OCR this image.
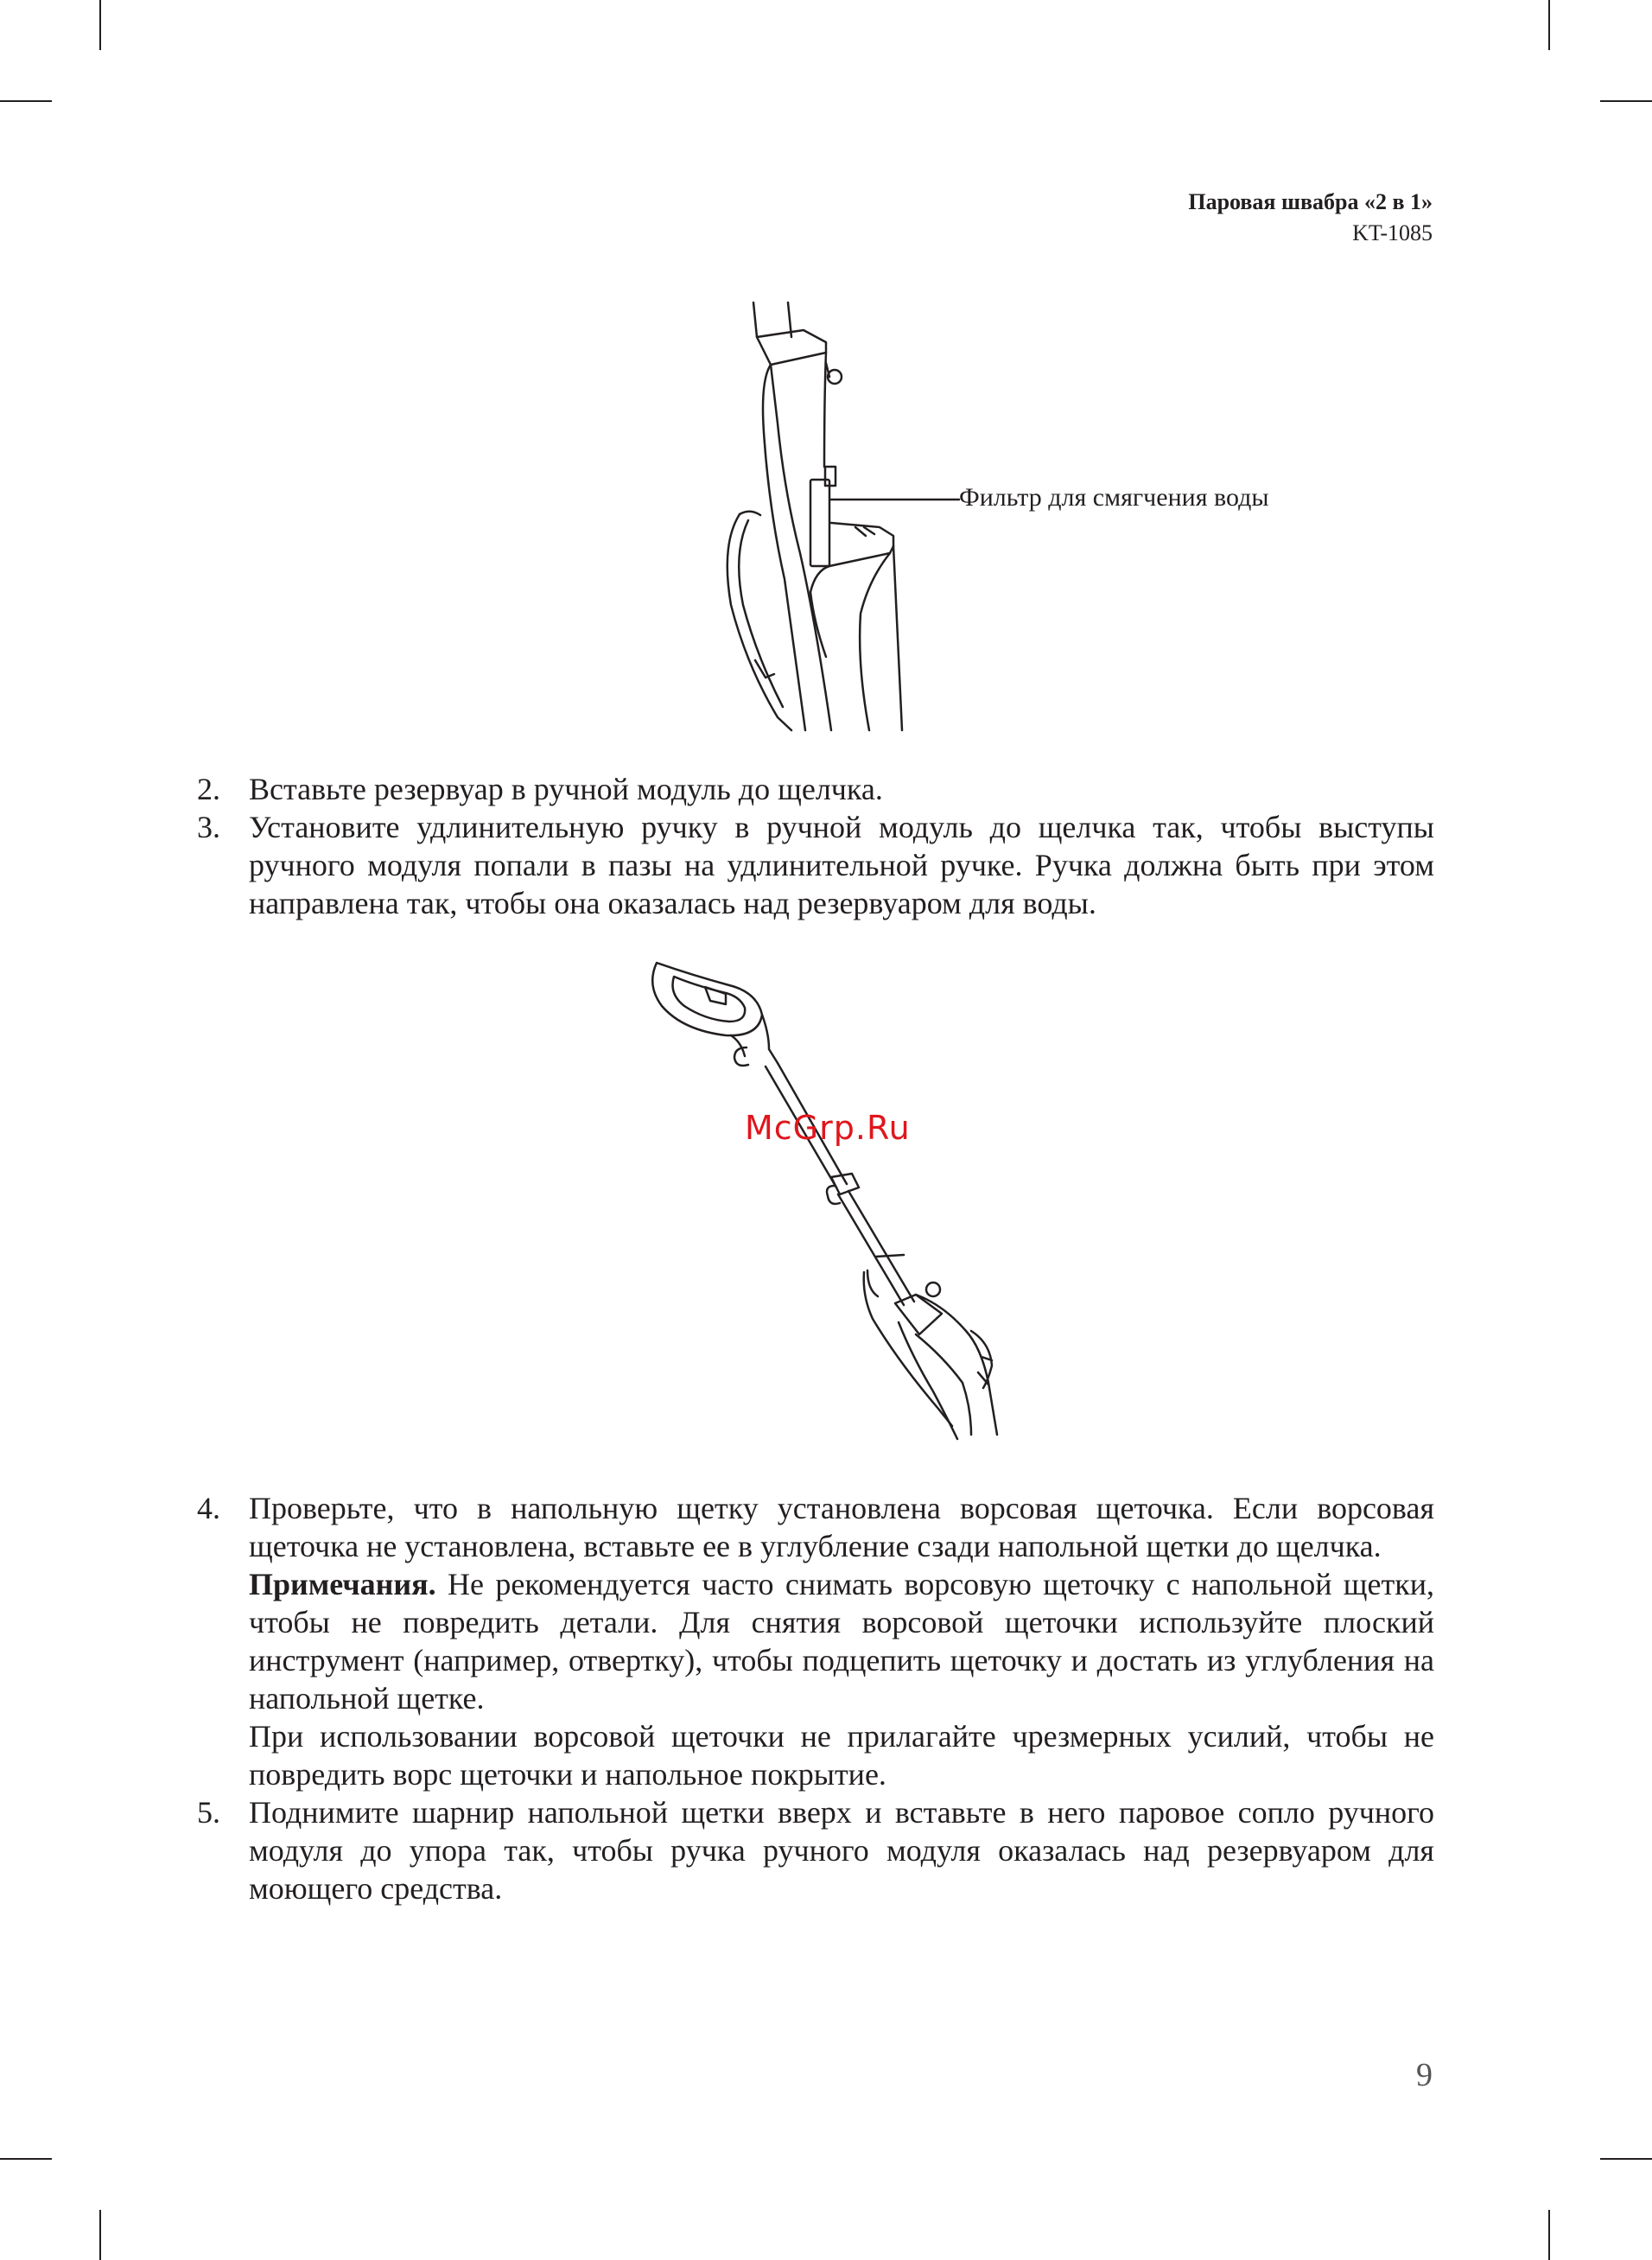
Паровая швабра «2 в 1»
KT-1085
Фильтр для смягчения воды
2. Вставьте резервуар в ручной модуль до щелчка.
3. Установите удлинительную ручку в ручной модуль до щелчка так, чтобы выступы ручного модуля попали в пазы на удлинительной ручке. Ручка должна быть при этом направлена так, чтобы она оказалась над резервуаром для воды.
McGrp.Ru
4. Проверьте, что в напольную щетку установлена ворсовая щеточка. Если ворсовая щеточка не установлена, вставьте ее в углубление сзади напольной щетки до щелчка.
Примечания. Не рекомендуется часто снимать ворсовую щеточку с напольной щетки, чтобы не повредить детали. Для снятия ворсовой щеточки используйте плоский инструмент (например, отвертку), чтобы подцепить щеточку и достать из углубления на напольной щетке.
При использовании ворсовой щеточки не прилагайте чрезмерных усилий, чтобы не повредить ворс щеточки и напольное покрытие.
5. Поднимите шарнир напольной щетки вверх и вставьте в него паровое сопло ручного модуля до упора так, чтобы ручка ручного модуля оказалась над резервуаром для моющего средства.
9
